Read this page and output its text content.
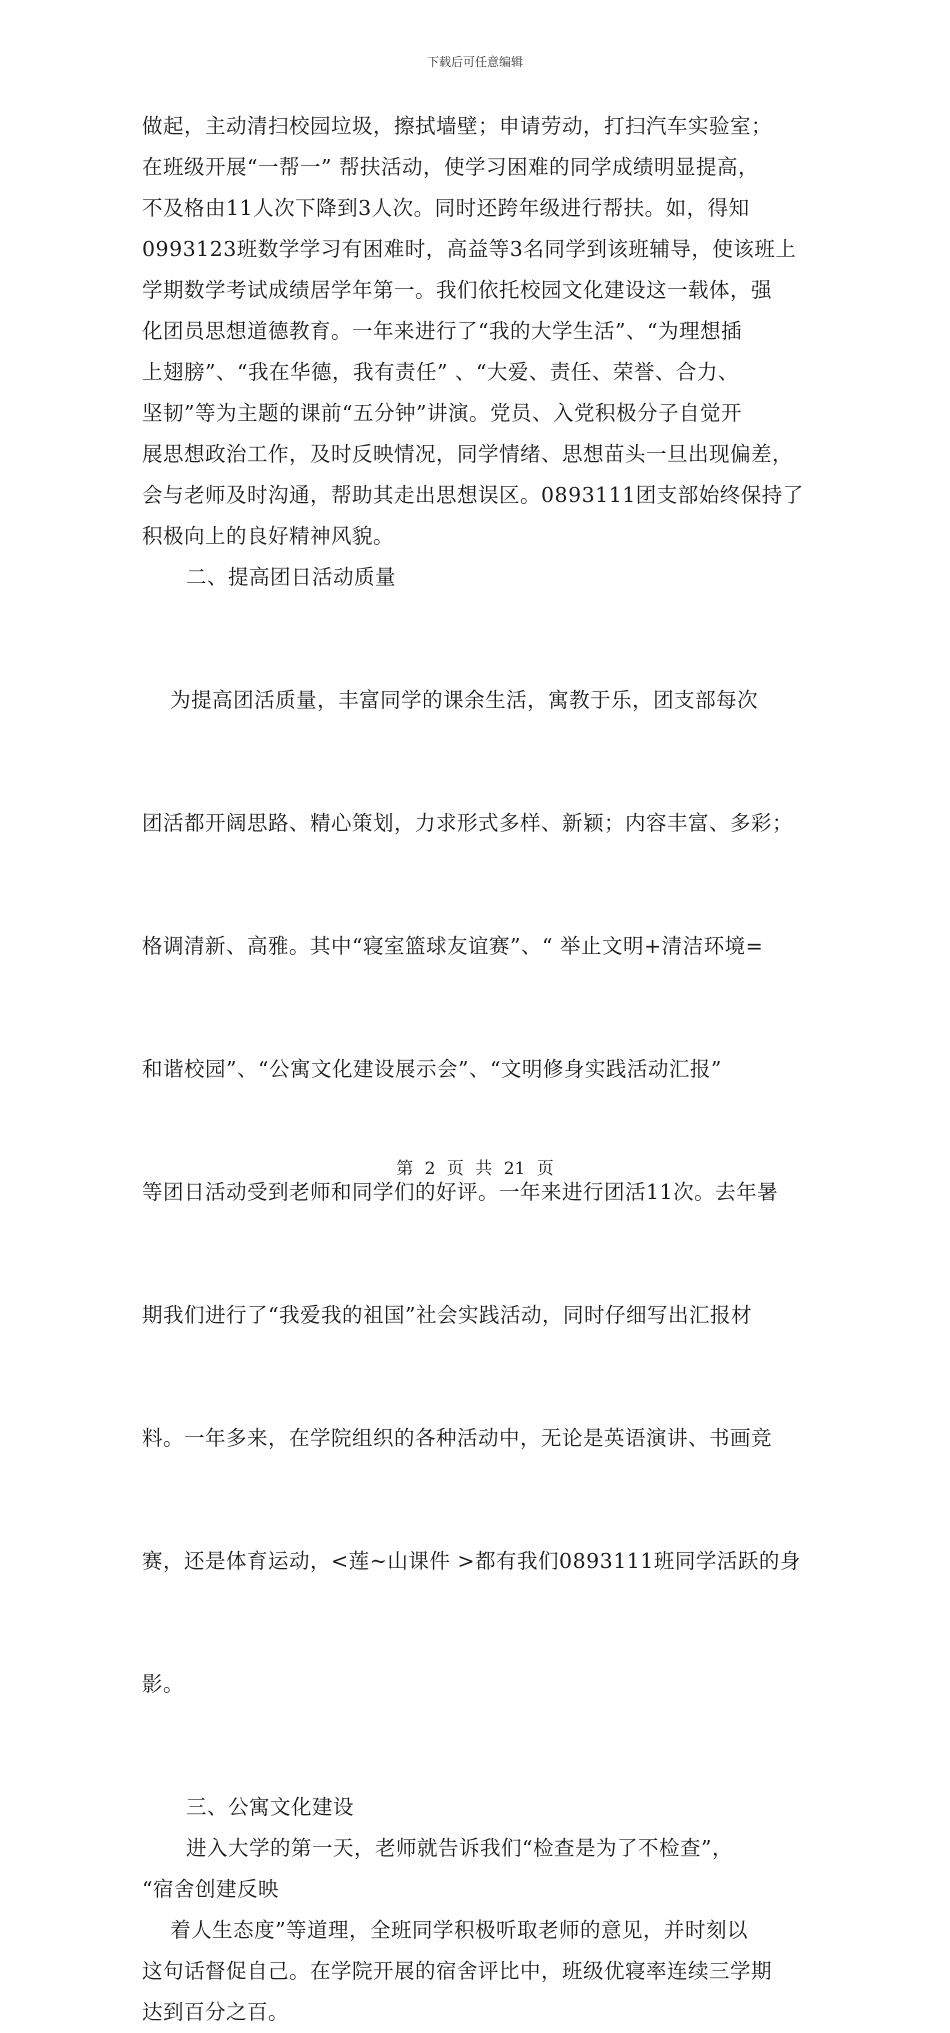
下载后可任意编辑

做起，主动清扫校园垃圾，擦拭墙壁；申请劳动，打扫汽车实验室；
在班级开展“一帮一” 帮扶活动，使学习困难的同学成绩明显提高，
不及格由11人次下降到3人次。同时还跨年级进行帮扶。如，得知
0993123班数学学习有困难时，高益等3名同学到该班辅导，使该班上
学期数学考试成绩居学年第一。我们依托校园文化建设这一载体，强
化团员思想道德教育。一年来进行了“我的大学生活”、“为理想插
上翅膀”、“我在华德，我有责任” 、“大爱、责任、荣誉、合力、
坚韧”等为主题的课前“五分钟”讲演。党员、入党积极分子自觉开
展思想政治工作，及时反映情况，同学情绪、思想苗头一旦出现偏差，
会与老师及时沟通，帮助其走出思想误区。0893111团支部始终保持了
积极向上的良好精神风貌。

二、提高团日活动质量

为提高团活质量，丰富同学的课余生活，寓教于乐，团支部每次

团活都开阔思路、精心策划，力求形式多样、新颖；内容丰富、多彩；

格调清新、高雅。其中“寝室篮球友谊赛”、“ 举止文明+清洁环境=

和谐校园”、“公寓文化建设展示会”、“文明修身实践活动汇报”

等团日活动受到老师和同学们的好评。一年来进行团活11次。去年暑

期我们进行了“我爱我的祖国”社会实践活动，同时仔细写出汇报材

料。一年多来，在学院组织的各种活动中，无论是英语演讲、书画竞

赛，还是体育运动，<莲~山课件 >都有我们0893111班同学活跃的身

影。

三、公寓文化建设

进入大学的第一天，老师就告诉我们“检查是为了不检查”，

“宿舍创建反映

着人生态度”等道理，全班同学积极听取老师的意见，并时刻以
这句话督促自己。在学院开展的宿舍评比中，班级优寝率连续三学期
达到百分之百。

第 2 页 共 21 页
